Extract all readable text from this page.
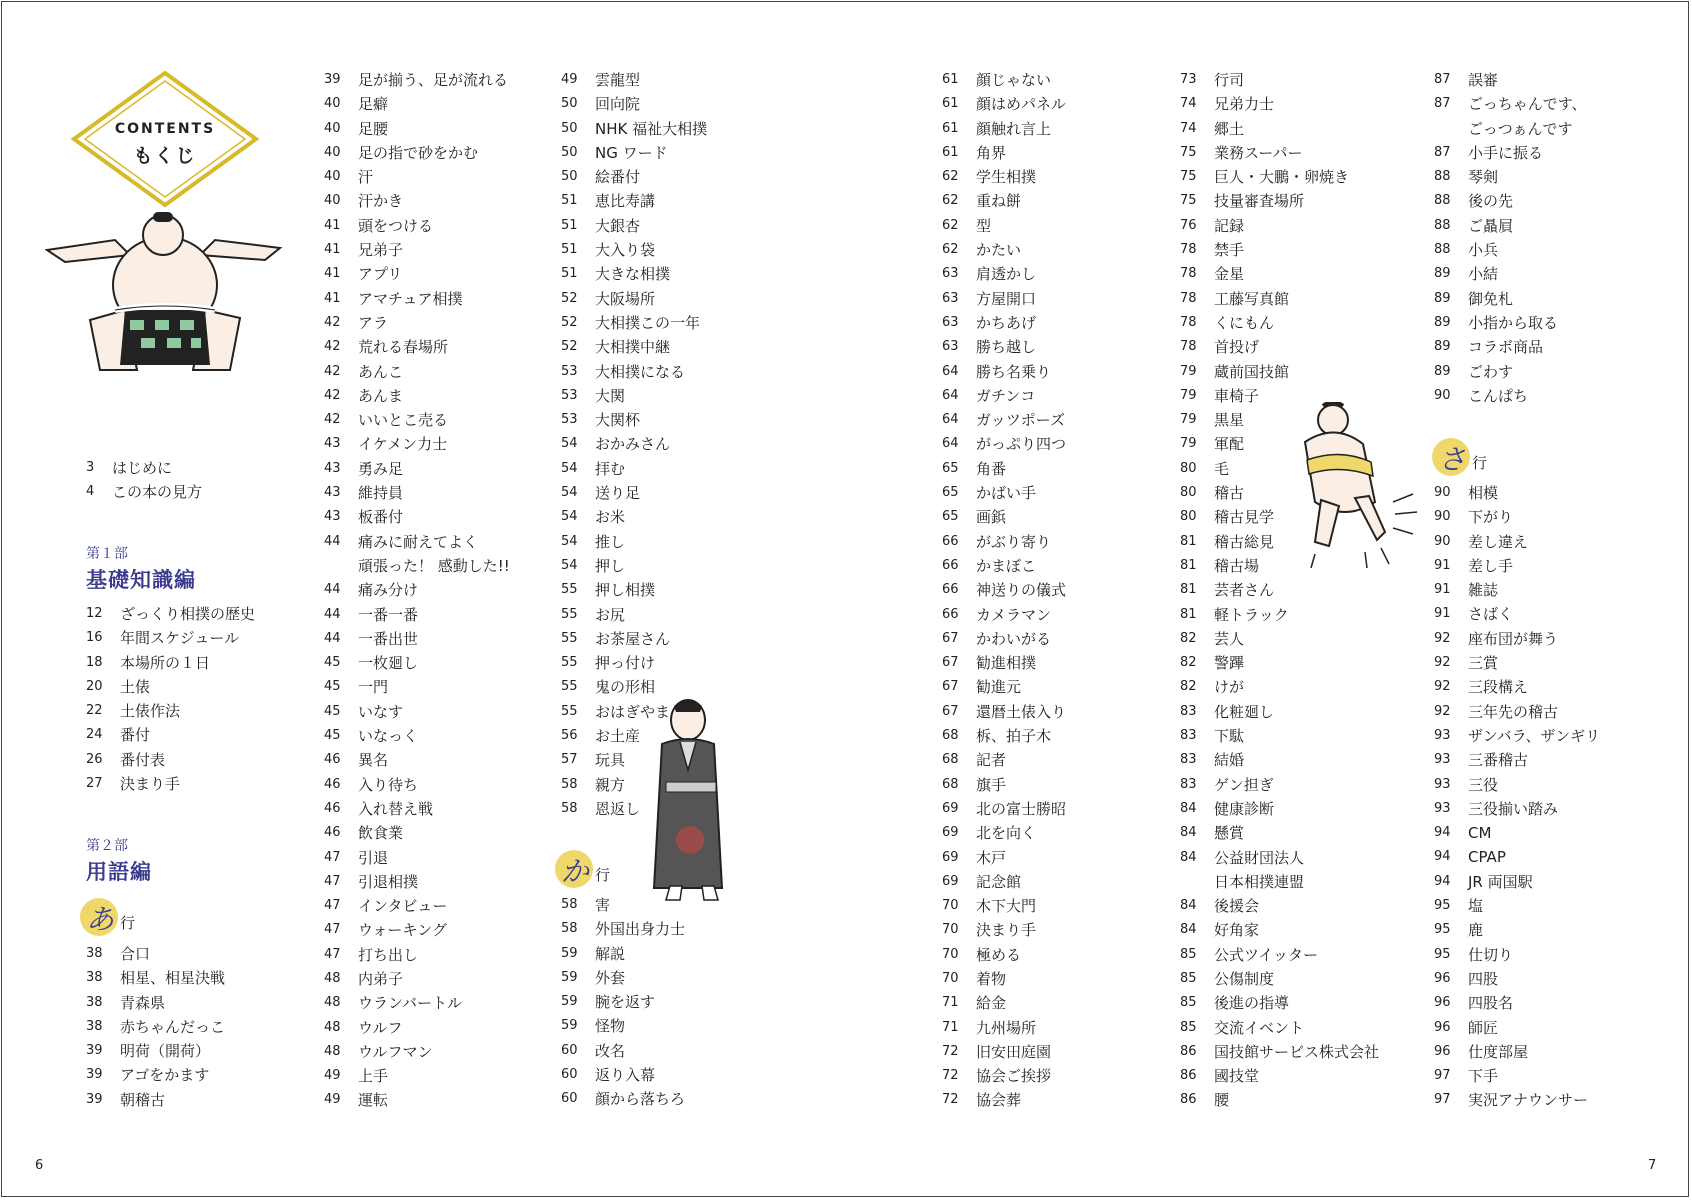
CONTENTS
もくじ
3	はじめに
4	この本の見方
第１部
基礎知識編
12	ざっくり相撲の歴史
16	年間スケジュール
18	本場所の１日
20	土俵
22	土俵作法
24	番付
26	番付表
27	決まり手
第２部
用語編
あ 行
38	合口
38	相星、相星決戦
38	青森県
38	赤ちゃんだっこ
39	明荷（開荷）
39	アゴをかます
39	朝稽古
39	足が揃う、足が流れる
40	足癖
40	足腰
40	足の指で砂をかむ
40	汗
40	汗かき
41	頭をつける
41	兄弟子
41	アプリ
41	アマチュア相撲
42	アラ
42	荒れる春場所
42	あんこ
42	あんま
42	いいとこ売る
43	イケメン力士
43	勇み足
43	維持員
43	板番付
44	痛みに耐えてよく
頑張った！ 感動した!!
44	痛み分け
44	一番一番
44	一番出世
45	一枚廻し
45	一門
45	いなす
45	いなっく
46	異名
46	入り待ち
46	入れ替え戦
46	飲食業
47	引退
47	引退相撲
47	インタビュー
47	ウォーキング
47	打ち出し
48	内弟子
48	ウランバートル
48	ウルフ
48	ウルフマン
49	上手
49	運転
49	雲龍型
50	回向院
50	NHK 福祉大相撲
50	NG ワード
50	絵番付
51	恵比寿講
51	大銀杏
51	大入り袋
51	大きな相撲
52	大阪場所
52	大相撲この一年
52	大相撲中継
53	大相撲になる
53	大関
53	大関杯
54	おかみさん
54	拝む
54	送り足
54	お米
54	推し
54	押し
55	押し相撲
55	お尻
55	お茶屋さん
55	押っ付け
55	鬼の形相
55	おはぎやま
56	お土産
57	玩具
58	親方
58	恩返し
か 行
58	害
58	外国出身力士
59	解説
59	外套
59	腕を返す
59	怪物
60	改名
60	返り入幕
60	顔から落ちろ
61	顔じゃない
61	顔はめパネル
61	顔触れ言上
61	角界
62	学生相撲
62	重ね餅
62	型
62	かたい
63	肩透かし
63	方屋開口
63	かちあげ
63	勝ち越し
64	勝ち名乗り
64	ガチンコ
64	ガッツポーズ
64	がっぷり四つ
65	角番
65	かばい手
65	画鋲
66	がぶり寄り
66	かまぼこ
66	神送りの儀式
66	カメラマン
67	かわいがる
67	勧進相撲
67	勧進元
67	還暦土俵入り
68	柝、拍子木
68	記者
68	旗手
69	北の富士勝昭
69	北を向く
69	木戸
69	記念館
70	木下大門
70	決まり手
70	極める
70	着物
71	給金
71	九州場所
72	旧安田庭園
72	協会ご挨拶
72	協会葬
73	行司
74	兄弟力士
74	郷土
75	業務スーパー
75	巨人・大鵬・卵焼き
75	技量審査場所
76	記録
78	禁手
78	金星
78	工藤写真館
78	くにもん
78	首投げ
79	蔵前国技館
79	車椅子
79	黒星
79	軍配
80	毛
80	稽古
80	稽古見学
81	稽古総見
81	稽古場
81	芸者さん
81	軽トラック
82	芸人
82	警蹕
82	けが
83	化粧廻し
83	下駄
83	結婚
83	ゲン担ぎ
84	健康診断
84	懸賞
84	公益財団法人
日本相撲連盟
84	後援会
84	好角家
85	公式ツイッター
85	公傷制度
85	後進の指導
85	交流イベント
86	国技館サービス株式会社
86	國技堂
86	腰
87	誤審
87	ごっちゃんです、
ごっつぁんです
87	小手に振る
88	琴剣
88	後の先
88	ご贔屓
88	小兵
89	小結
89	御免札
89	小指から取る
89	コラボ商品
89	ごわす
90	こんぱち
さ 行
90	相模
90	下がり
90	差し違え
91	差し手
91	雑誌
91	さばく
92	座布団が舞う
92	三賞
92	三段構え
92	三年先の稽古
93	ザンバラ、ザンギリ
93	三番稽古
93	三役
93	三役揃い踏み
94	CM
94	CPAP
94	JR 両国駅
95	塩
95	鹿
95	仕切り
96	四股
96	四股名
96	師匠
96	仕度部屋
97	下手
97	実況アナウンサー
6	7
